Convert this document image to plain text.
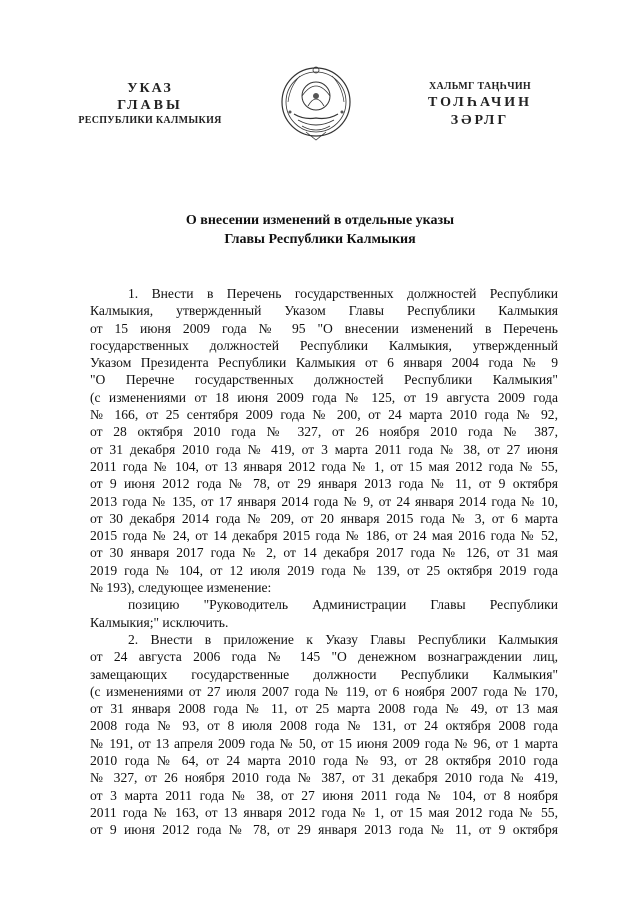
УКАЗ
ГЛАВЫ
РЕСПУБЛИКИ КАЛМЫКИЯ
ХАЛЬМГ ТАҢҺЧИН
ТОЛҺАЧИН
ЗӘРЛГ
О внесении изменений в отдельные указы
Главы Республики Калмыкия
1. Внести в Перечень государственных должностей Республики
Калмыкия, утвержденный Указом Главы Республики Калмыкия
от 15 июня 2009 года № 95 "О внесении изменений в Перечень
государственных должностей Республики Калмыкия, утвержденный
Указом Президента Республики Калмыкия от 6 января 2004 года № 9
"О Перечне государственных должностей Республики Калмыкия"
(с изменениями от 18 июня 2009 года № 125, от 19 августа 2009 года
№ 166, от 25 сентября 2009 года № 200, от 24 марта 2010 года № 92,
от 28 октября 2010 года № 327, от 26 ноября 2010 года № 387,
от 31 декабря 2010 года № 419, от 3 марта 2011 года № 38, от 27 июня
2011 года № 104, от 13 января 2012 года № 1, от 15 мая 2012 года № 55,
от 9 июня 2012 года № 78, от 29 января 2013 года № 11, от 9 октября
2013 года № 135, от 17 января 2014 года № 9, от 24 января 2014 года № 10,
от 30 декабря 2014 года № 209, от 20 января 2015 года № 3, от 6 марта
2015 года № 24, от 14 декабря 2015 года № 186, от 24 мая 2016 года № 52,
от 30 января 2017 года № 2, от 14 декабря 2017 года № 126, от 31 мая
2019 года № 104, от 12 июля 2019 года № 139, от 25 октября 2019 года
№ 193), следующее изменение:
позицию "Руководитель Администрации Главы Республики
Калмыкия;" исключить.
2. Внести в приложение к Указу Главы Республики Калмыкия
от 24 августа 2006 года № 145 "О денежном вознаграждении лиц,
замещающих государственные должности Республики Калмыкия"
(с изменениями от 27 июля 2007 года № 119, от 6 ноября 2007 года № 170,
от 31 января 2008 года № 11, от 25 марта 2008 года № 49, от 13 мая
2008 года № 93, от 8 июля 2008 года № 131, от 24 октября 2008 года
№ 191, от 13 апреля 2009 года № 50, от 15 июня 2009 года № 96, от 1 марта
2010 года № 64, от 24 марта 2010 года № 93, от 28 октября 2010 года
№ 327, от 26 ноября 2010 года № 387, от 31 декабря 2010 года № 419,
от 3 марта 2011 года № 38, от 27 июня 2011 года № 104, от 8 ноября
2011 года № 163, от 13 января 2012 года № 1, от 15 мая 2012 года № 55,
от 9 июня 2012 года № 78, от 29 января 2013 года № 11, от 9 октября
